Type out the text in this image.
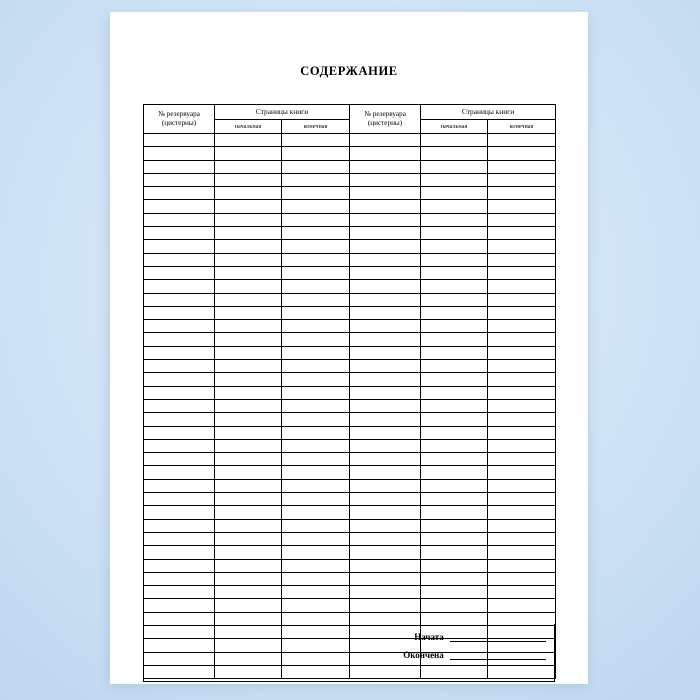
СОДЕРЖАНИЕ
№ резервуара (цистерны)	Страницы книги		№ резервуара (цистерны)	Страницы книги	
	начальная	конечная		начальная	конечная

Начата
Окончена
